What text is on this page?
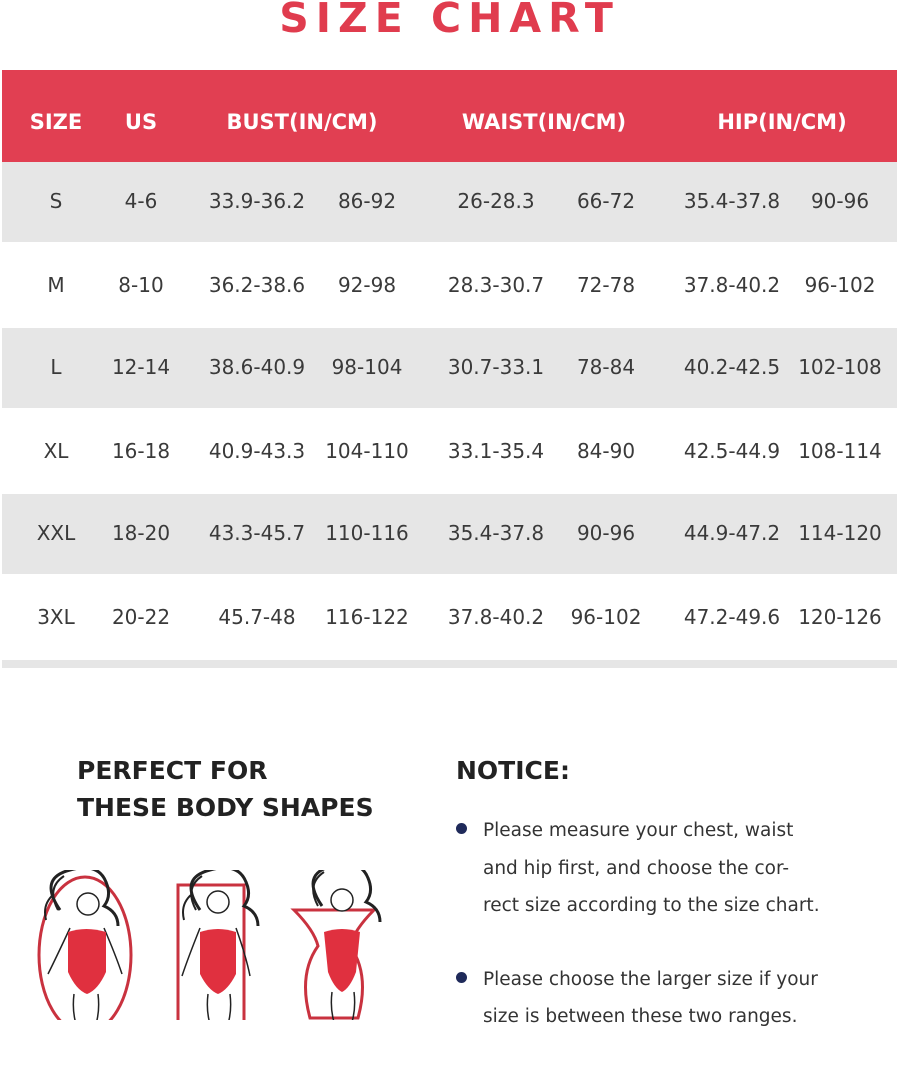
SIZE CHART
SIZE US	BUST(IN/CM)	WAIST(IN/CM)	HIP(IN/CM)
S	4-6	33.9-36.2 86-92	26-28.3 66-72 35.4-37.8 90-96
M	8-10 36.2-38.6 92-98	28.3-30.7 72-78 37.8-40.2 96-102
L	12-14 38.6-40.9 98-104 30.7-33.1 78-84 40.2-42.5 102-108
XL 16-18 40.9-43.3 104-110 33.1-35.4 84-90 42.5-44.9 108-114
XXL 18-20 43.3-45.7 110-116 35.4-37.8 90-96 44.9-47.2 114-120
3XL 20-22 45.7-48 116-122 37.8-40.2 96-102 47.2-49.6 120-126
PERFECT FOR
THESE BODY SHAPES
NOTICE:
Please measure your chest, waist
and hip first, and choose the cor-
rect size according to the size chart.
Please choose the larger size if your
size is between these two ranges.
